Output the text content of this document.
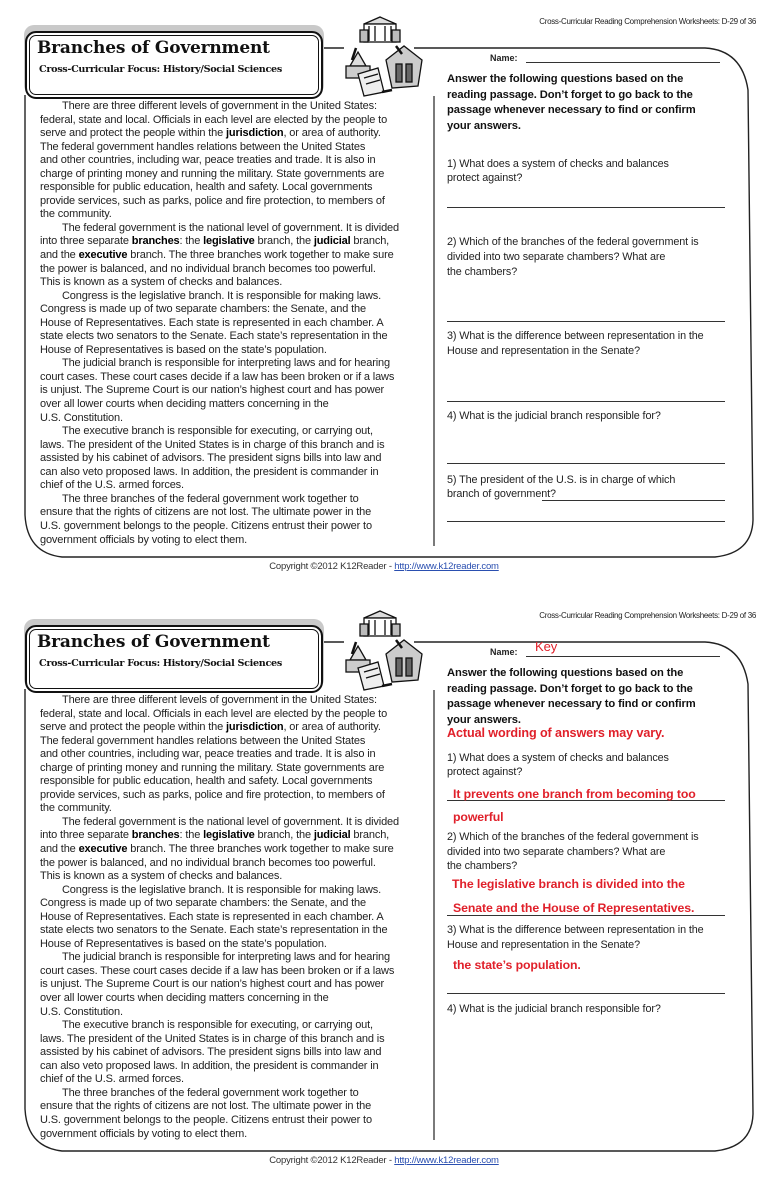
Cross-Curricular Reading Comprehension Worksheets: D-29 of 36
Branches of Government
Cross-Curricular Focus: History/Social Sciences
There are three different levels of government in the United States:
federal, state and local. Officials in each level are elected by the people to
serve and protect the people within the jurisdiction, or area of authority.
The federal government handles relations between the United States
and other countries, including war, peace treaties and trade. It is also in
charge of printing money and running the military. State governments are
responsible for public education, health and safety. Local governments
provide services, such as parks, police and fire protection, to members of
the community.
The federal government is the national level of government. It is divided
into three separate branches: the legislative branch, the judicial branch,
and the executive branch. The three branches work together to make sure
the power is balanced, and no individual branch becomes too powerful.
This is known as a system of checks and balances.
Congress is the legislative branch. It is responsible for making laws.
Congress is made up of two separate chambers: the Senate, and the
House of Representatives. Each state is represented in each chamber. A
state elects two senators to the Senate. Each state’s representation in the
House of Representatives is based on the state’s population.
The judicial branch is responsible for interpreting laws and for hearing
court cases. These court cases decide if a law has been broken or if a laws
is unjust. The Supreme Court is our nation’s highest court and has power
over all lower courts when deciding matters concerning in the
U.S. Constitution.
The executive branch is responsible for executing, or carrying out,
laws. The president of the United States is in charge of this branch and is
assisted by his cabinet of advisors. The president signs bills into law and
can also veto proposed laws. In addition, the president is commander in
chief of the U.S. armed forces.
The three branches of the federal government work together to
ensure that the rights of citizens are not lost. The ultimate power in the
U.S. government belongs to the people. Citizens entrust their power to
government officials by voting to elect them.
Name:
Answer the following questions based on the
reading passage. Don’t forget to go back to the
passage whenever necessary to find or confirm
your answers.
1) What does a system of checks and balances
protect against?
2) Which of the branches of the federal government is
divided into two separate chambers? What are
the chambers?
3) What is the difference between representation in the
House and representation in the Senate?
4) What is the judicial branch responsible for?
5) The president of the U.S. is in charge of which
branch of government?
Copyright ©2012 K12Reader - http://www.k12reader.com
Cross-Curricular Reading Comprehension Worksheets: D-29 of 36
Branches of Government
Cross-Curricular Focus: History/Social Sciences
There are three different levels of government in the United States:
federal, state and local. Officials in each level are elected by the people to
serve and protect the people within the jurisdiction, or area of authority.
The federal government handles relations between the United States
and other countries, including war, peace treaties and trade. It is also in
charge of printing money and running the military. State governments are
responsible for public education, health and safety. Local governments
provide services, such as parks, police and fire protection, to members of
the community.
The federal government is the national level of government. It is divided
into three separate branches: the legislative branch, the judicial branch,
and the executive branch. The three branches work together to make sure
the power is balanced, and no individual branch becomes too powerful.
This is known as a system of checks and balances.
Congress is the legislative branch. It is responsible for making laws.
Congress is made up of two separate chambers: the Senate, and the
House of Representatives. Each state is represented in each chamber. A
state elects two senators to the Senate. Each state’s representation in the
House of Representatives is based on the state’s population.
The judicial branch is responsible for interpreting laws and for hearing
court cases. These court cases decide if a law has been broken or if a laws
is unjust. The Supreme Court is our nation’s highest court and has power
over all lower courts when deciding matters concerning in the
U.S. Constitution.
The executive branch is responsible for executing, or carrying out,
laws. The president of the United States is in charge of this branch and is
assisted by his cabinet of advisors. The president signs bills into law and
can also veto proposed laws. In addition, the president is commander in
chief of the U.S. armed forces.
The three branches of the federal government work together to
ensure that the rights of citizens are not lost. The ultimate power in the
U.S. government belongs to the people. Citizens entrust their power to
government officials by voting to elect them.
Name: Key
Answer the following questions based on the
reading passage. Don’t forget to go back to the
passage whenever necessary to find or confirm
your answers.
1) What does a system of checks and balances
protect against?
2) Which of the branches of the federal government is
divided into two separate chambers? What are
the chambers?
3) What is the difference between representation in the
House and representation in the Senate?
4) What is the judicial branch responsible for?
Actual wording of answers may vary.
It prevents one branch from becoming too
powerful
The legislative branch is divided into the
Senate and the House of Representatives.
the state’s population.
Copyright ©2012 K12Reader - http://www.k12reader.com
